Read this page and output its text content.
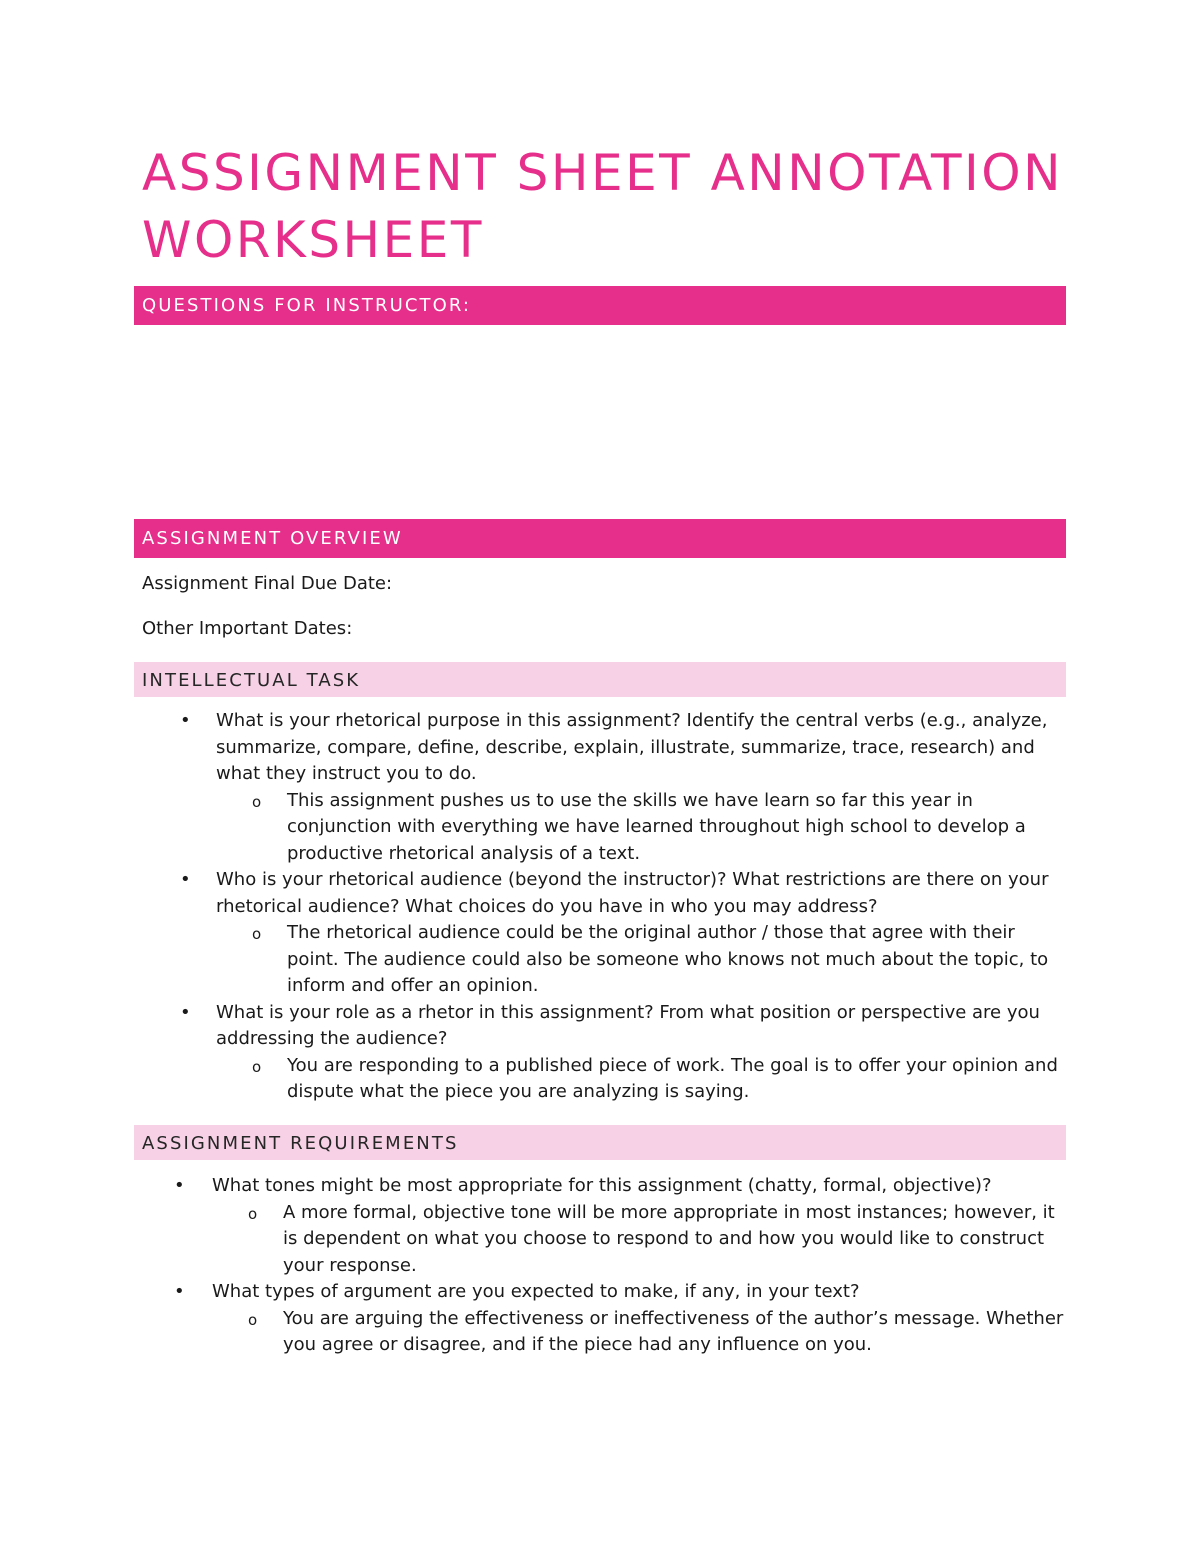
ASSIGNMENT SHEET ANNOTATION WORKSHEET
QUESTIONS FOR INSTRUCTOR:
ASSIGNMENT OVERVIEW
Assignment Final Due Date:
Other Important Dates:
INTELLECTUAL TASK
• What is your rhetorical purpose in this assignment? Identify the central verbs (e.g., analyze, summarize, compare, define, describe, explain, illustrate, summarize, trace, research) and what they instruct you to do.
o This assignment pushes us to use the skills we have learn so far this year in conjunction with everything we have learned throughout high school to develop a productive rhetorical analysis of a text.
• Who is your rhetorical audience (beyond the instructor)? What restrictions are there on your rhetorical audience? What choices do you have in who you may address?
o The rhetorical audience could be the original author / those that agree with their point. The audience could also be someone who knows not much about the topic, to inform and offer an opinion.
• What is your role as a rhetor in this assignment? From what position or perspective are you addressing the audience?
o You are responding to a published piece of work. The goal is to offer your opinion and dispute what the piece you are analyzing is saying.
ASSIGNMENT REQUIREMENTS
• What tones might be most appropriate for this assignment (chatty, formal, objective)?
o A more formal, objective tone will be more appropriate in most instances; however, it is dependent on what you choose to respond to and how you would like to construct your response.
• What types of argument are you expected to make, if any, in your text?
o You are arguing the effectiveness or ineffectiveness of the author’s message. Whether you agree or disagree, and if the piece had any influence on you.
